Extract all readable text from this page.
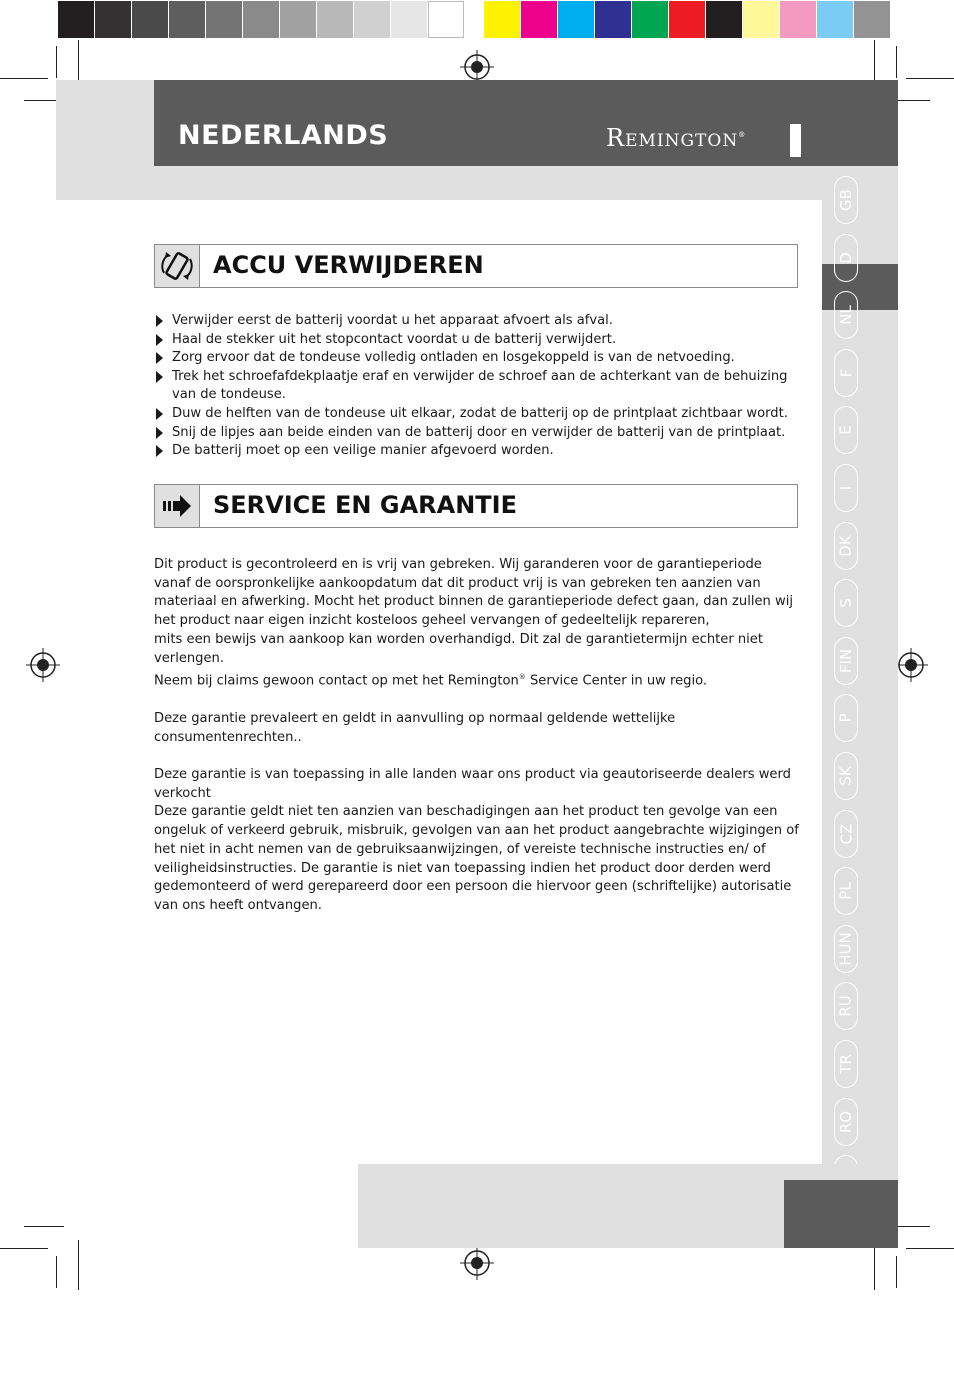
NEDERLANDS	Remington®
GB
D
NL
F
E
I
DK
S
FIN
P
SK
CZ
PL
HUN
RU
TR
RO
HR/ SRB
AE
ACCU VERWIJDEREN
Verwijder eerst de batterij voordat u het apparaat afvoert als afval.
Haal de stekker uit het stopcontact voordat u de batterij verwijdert.
Zorg ervoor dat de tondeuse volledig ontladen en losgekoppeld is van de netvoeding.
Trek het schroefafdekplaatje eraf en verwijder de schroef aan de achterkant van de behuizing van de tondeuse.
Duw de helften van de tondeuse uit elkaar, zodat de batterij op de printplaat zichtbaar wordt.
Snij de lipjes aan beide einden van de batterij door en verwijder de batterij van de printplaat.
De batterij moet op een veilige manier afgevoerd worden.
SERVICE EN GARANTIE

Dit product is gecontroleerd en is vrij van gebreken. Wij garanderen voor de garantieperiode vanaf de oorspronkelijke aankoopdatum dat dit product vrij is van gebreken ten aanzien van materiaal en afwerking. Mocht het product binnen de garantieperiode defect gaan, dan zullen wij het product naar eigen inzicht kosteloos geheel vervangen of gedeeltelijk repareren,

mits een bewijs van aankoop kan worden overhandigd. Dit zal de garantietermijn echter niet verlengen.

Neem bij claims gewoon contact op met het Remington® Service Center in uw regio.

Deze garantie prevaleert en geldt in aanvulling op normaal geldende wettelijke consumentenrechten..

Deze garantie is van toepassing in alle landen waar ons product via geautoriseerde dealers werd verkocht

Deze garantie geldt niet ten aanzien van beschadigingen aan het product ten gevolge van een ongeluk of verkeerd gebruik, misbruik, gevolgen van aan het product aangebrachte wijzigingen of het niet in acht nemen van de gebruiksaanwijzingen, of vereiste technische instructies en/ of veiligheidsinstructies. De garantie is niet van toepassing indien het product door derden werd gedemonteerd of werd gerepareerd door een persoon die hiervoor geen (schriftelijke) autorisatie van ons heeft ontvangen.
